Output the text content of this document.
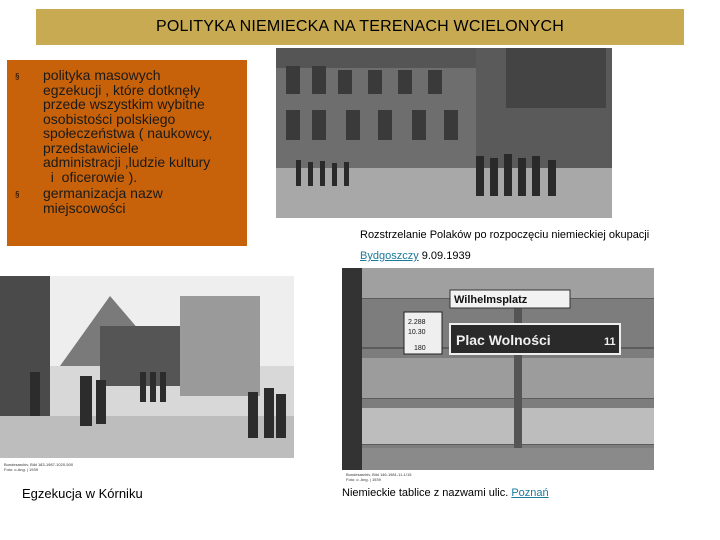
POLITYKA NIEMIECKA NA TERENACH WCIELONYCH
§	polityka masowych
egzekucji , które dotknęły
przede wszystkim wybitne
osobistości polskiego
społeczeństwa ( naukowcy,
przedstawiciele
administracji ,ludzie kultury
i  oficerowie ).
§	germanizacja nazw
miejscowości
Rozstrzelanie Polaków po rozpoczęciu niemieckiej okupacji
Bydgoszczy 9.09.1939
Bundesarchiv, Bild 183-1987-1020-500
Foto: o.Ang. | 1939
Egzekucja w Kórniku
Wilhelmsplatz
Plac Wolności	11
2.288
10.30
180
Bundesarchiv, Bild 146-1981-11-1/15
Foto: o. Ang. | 1939
Niemieckie tablice z nazwami ulic. Poznań
